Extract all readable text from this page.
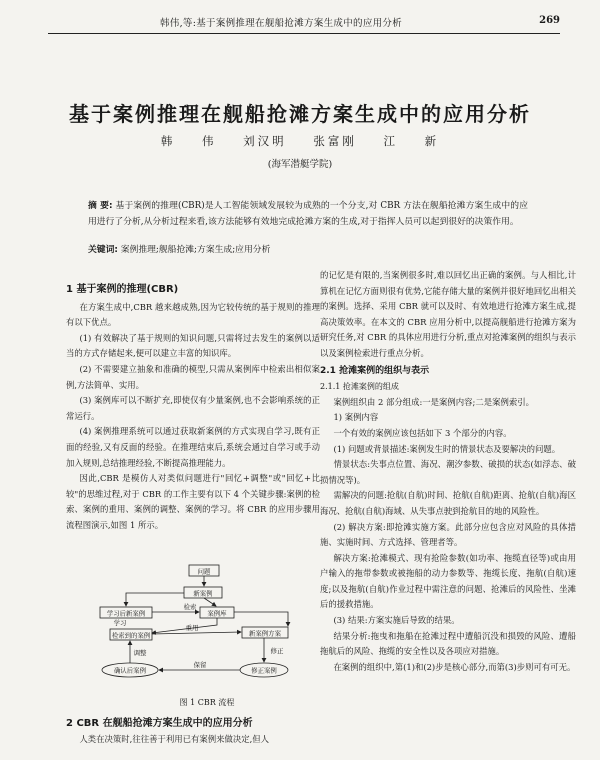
韩伟,等:基于案例推理在舰船抢滩方案生成中的应用分析	269
基于案例推理在舰船抢滩方案生成中的应用分析
韩 伟 刘汉明 张富刚 江 新
(海军潜艇学院)
摘 要: 基于案例的推理(CBR)是人工智能领域发展较为成熟的一个分支,对 CBR 方法在舰船抢滩方案生成中的应用进行了分析,从分析过程来看,该方法能够有效地完成抢滩方案的生成,对于指挥人员可以起到很好的决策作用。
关键词: 案例推理;舰船抢滩;方案生成;应用分析
1 基于案例的推理(CBR)

在方案生成中,CBR 越来越成熟,因为它较传统的基于规则的推理有以下优点。

(1) 有效解决了基于规则的知识问题,只需将过去发生的案例以适当的方式存储起来,便可以建立丰富的知识库。

(2) 不需要建立抽象和准确的模型,只需从案例库中检索出相似案例,方法简单、实用。

(3) 案例库可以不断扩充,即使仅有少量案例,也不会影响系统的正常运行。

(4) 案例推理系统可以通过获取新案例的方式实现自学习,既有正面的经验,又有反面的经验。在推理结束后,系统会通过自学习或手动加入规则,总结推理经验,不断提高推理能力。

因此,CBR 是模仿人对类似问题进行"回忆+调整"或"回忆+比较"的思维过程,对于 CBR 的工作主要有以下 4 个关键步骤:案例的检索、案例的重用、案例的调整、案例的学习。将 CBR 的应用步骤用流程图演示,如图 1 所示。

问题
新案例
学习后新案例	案例库
检索到的案例	新案例方案
确认后案例	修正案例
检索
学习
重用
修正
保留
调整
图 1 CBR 流程
2 CBR 在舰船抢滩方案生成中的应用分析

人类在决策时,往往善于利用已有案例来做决定,但人

的记忆是有限的,当案例很多时,难以回忆出正确的案例。与人相比,计算机在记忆方面则很有优势,它能存储大量的案例并很好地回忆出相关的案例。选择、采用 CBR 就可以及时、有效地进行抢滩方案生成,提高决策效率。在本文的 CBR 应用分析中,以提高舰船进行抢滩方案为研究任务,对 CBR 的具体应用进行分析,重点对抢滩案例的组织与表示以及案例检索进行重点分析。

2.1 抢滩案例的组织与表示
2.1.1 抢滩案例的组成

案例组织由 2 部分组成:一是案例内容;二是案例索引。

1) 案例内容

一个有效的案例应该包括如下 3 个部分的内容。

(1) 问题或背景描述:案例发生时的情景状态及要解决的问题。

情景状态:失事点位置、海况、潮汐参数、破损的状态(如浮态、破损情况等)。

需解决的问题:抢航(自航)时间、抢航(自航)距离、抢航(自航)海区海况、抢航(自航)海域、从失事点驶到抢航目的地的风险性。

(2) 解决方案:即抢滩实施方案。此部分应包含应对风险的具体措施、实施时间、方式选择、管理者等。

解决方案:抢滩模式、现有抢险参数(如功率、拖缆直径等)或由用户输入的拖带参数或被拖船的动力参数等、拖缆长度、拖航(自航)速度;以及拖航(自航)作业过程中需注意的问题、抢滩后的风险性、坐滩后的援救措施。

(3) 结果:方案实施后导致的结果。

结果分析:拖曳和拖船在抢滩过程中遭船沉没和损毁的风险、遭船拖航后的风险、拖缆的安全性以及各项应对措施。

在案例的组织中,第(1)和(2)步是核心部分,而第(3)步则可有可无。
